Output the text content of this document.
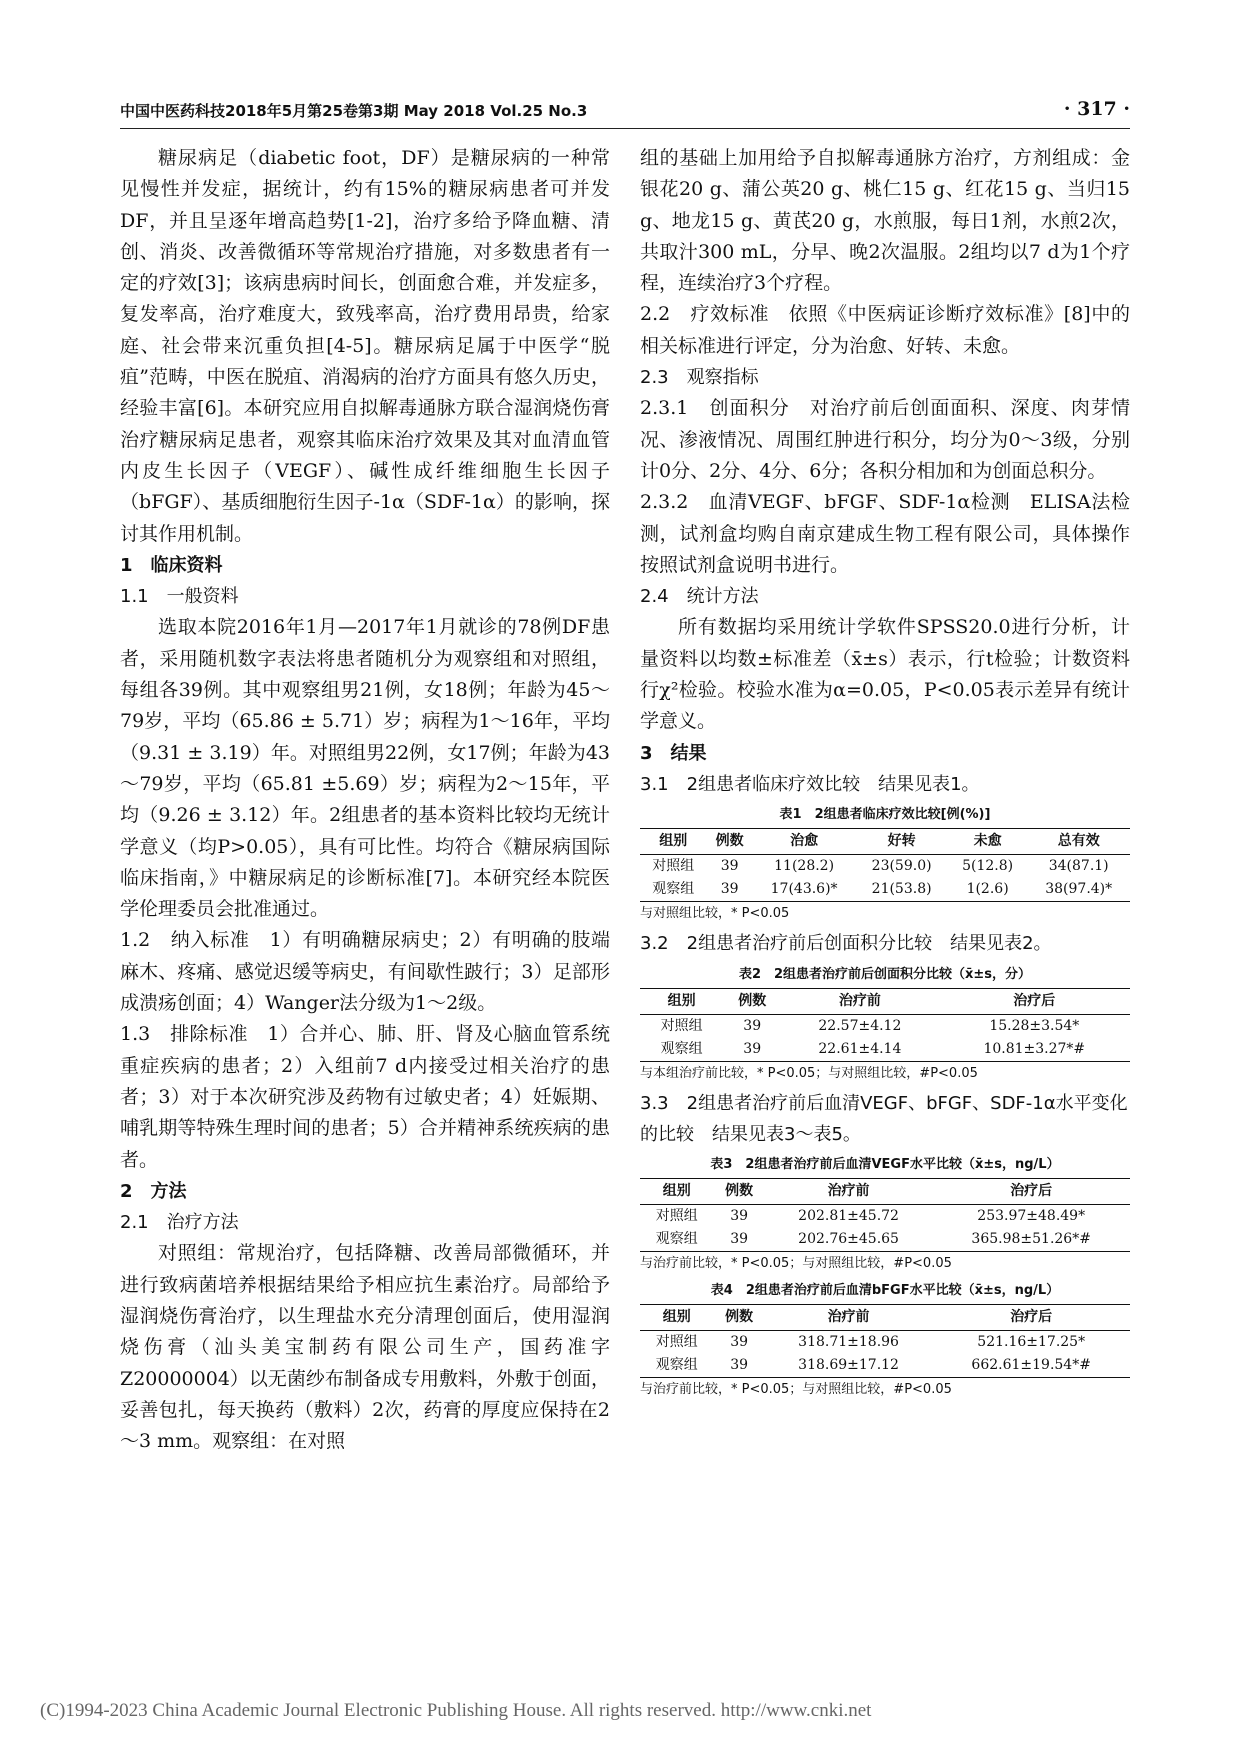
中国中医药科技2018年5月第25卷第3期 May 2018 Vol.25 No.3	· 317 ·

糖尿病足（diabetic foot，DF）是糖尿病的一种常见慢性并发症，据统计，约有15%的糖尿病患者可并发DF，并且呈逐年增高趋势[1-2]，治疗多给予降血糖、清创、消炎、改善微循环等常规治疗措施，对多数患者有一定的疗效[3]；该病患病时间长，创面愈合难，并发症多，复发率高，治疗难度大，致残率高，治疗费用昂贵，给家庭、社会带来沉重负担[4-5]。糖尿病足属于中医学“脱疽”范畴，中医在脱疽、消渴病的治疗方面具有悠久历史，经验丰富[6]。本研究应用自拟解毒通脉方联合湿润烧伤膏治疗糖尿病足患者，观察其临床治疗效果及其对血清血管内皮生长因子（VEGF）、碱性成纤维细胞生长因子（bFGF）、基质细胞衍生因子-1α（SDF-1α）的影响，探讨其作用机制。

1　临床资料
1.1　一般资料

选取本院2016年1月—2017年1月就诊的78例DF患者，采用随机数字表法将患者随机分为观察组和对照组，每组各39例。其中观察组男21例，女18例；年龄为45～79岁，平均（65.86 ± 5.71）岁；病程为1～16年，平均（9.31 ± 3.19）年。对照组男22例，女17例；年龄为43～79岁，平均（65.81 ±5.69）岁；病程为2～15年，平均（9.26 ± 3.12）年。2组患者的基本资料比较均无统计学意义（均P>0.05），具有可比性。均符合《糖尿病国际临床指南，》中糖尿病足的诊断标准[7]。本研究经本院医学伦理委员会批准通过。

1.2　纳入标准　1）有明确糖尿病史；2）有明确的肢端麻木、疼痛、感觉迟缓等病史，有间歇性跛行；3）足部形成溃疡创面；4）Wanger法分级为1～2级。

1.3　排除标准　1）合并心、肺、肝、肾及心脑血管系统重症疾病的患者；2）入组前7 d内接受过相关治疗的患者；3）对于本次研究涉及药物有过敏史者；4）妊娠期、哺乳期等特殊生理时间的患者；5）合并精神系统疾病的患者。

2　方法
2.1　治疗方法

对照组：常规治疗，包括降糖、改善局部微循环，并进行致病菌培养根据结果给予相应抗生素治疗。局部给予湿润烧伤膏治疗，以生理盐水充分清理创面后，使用湿润烧伤膏（汕头美宝制药有限公司生产，国药准字Z20000004）以无菌纱布制备成专用敷料，外敷于创面，妥善包扎，每天换药（敷料）2次，药膏的厚度应保持在2～3 mm。观察组：在对照

组的基础上加用给予自拟解毒通脉方治疗，方剂组成：金银花20 g、蒲公英20 g、桃仁15 g、红花15 g、当归15 g、地龙15 g、黄芪20 g，水煎服，每日1剂，水煎2次，共取汁300 mL，分早、晚2次温服。2组均以7 d为1个疗程，连续治疗3个疗程。

2.2　疗效标准　依照《中医病证诊断疗效标准》[8]中的相关标准进行评定，分为治愈、好转、未愈。

2.3　观察指标

2.3.1　创面积分　对治疗前后创面面积、深度、肉芽情况、渗液情况、周围红肿进行积分，均分为0～3级，分别计0分、2分、4分、6分；各积分相加和为创面总积分。

2.3.2　血清VEGF、bFGF、SDF-1α检测　ELISA法检测，试剂盒均购自南京建成生物工程有限公司，具体操作按照试剂盒说明书进行。

2.4　统计方法

所有数据均采用统计学软件SPSS20.0进行分析，计量资料以均数±标准差（x̄±s）表示，行t检验；计数资料行χ²检验。校验水准为α=0.05，P<0.05表示差异有统计学意义。

3　结果
3.1　2组患者临床疗效比较　结果见表1。
表1　2组患者临床疗效比较[例(%)]
组别	例数	治愈	好转	未愈	总有效
对照组	39	11(28.2)	23(59.0)	5(12.8)	34(87.1)
观察组	39	17(43.6)*	21(53.8)	1(2.6)	38(97.4)*
与对照组比较，* P<0.05
3.2　2组患者治疗前后创面积分比较　结果见表2。
表2　2组患者治疗前后创面积分比较（x̄±s，分）
组别	例数	治疗前	治疗后
对照组	39	22.57±4.12	15.28±3.54*
观察组	39	22.61±4.14	10.81±3.27*#
与本组治疗前比较，* P<0.05；与对照组比较，#P<0.05
3.3　2组患者治疗前后血清VEGF、bFGF、SDF-1α水平变化的比较　结果见表3～表5。
表3　2组患者治疗前后血清VEGF水平比较（x̄±s，ng/L）
组别	例数	治疗前	治疗后
对照组	39	202.81±45.72	253.97±48.49*
观察组	39	202.76±45.65	365.98±51.26*#
与治疗前比较，* P<0.05；与对照组比较，#P<0.05
表4　2组患者治疗前后血清bFGF水平比较（x̄±s，ng/L）
组别	例数	治疗前	治疗后
对照组	39	318.71±18.96	521.16±17.25*
观察组	39	318.69±17.12	662.61±19.54*#
与治疗前比较，* P<0.05；与对照组比较，#P<0.05
(C)1994-2023 China Academic Journal Electronic Publishing House. All rights reserved. http://www.cnki.net
